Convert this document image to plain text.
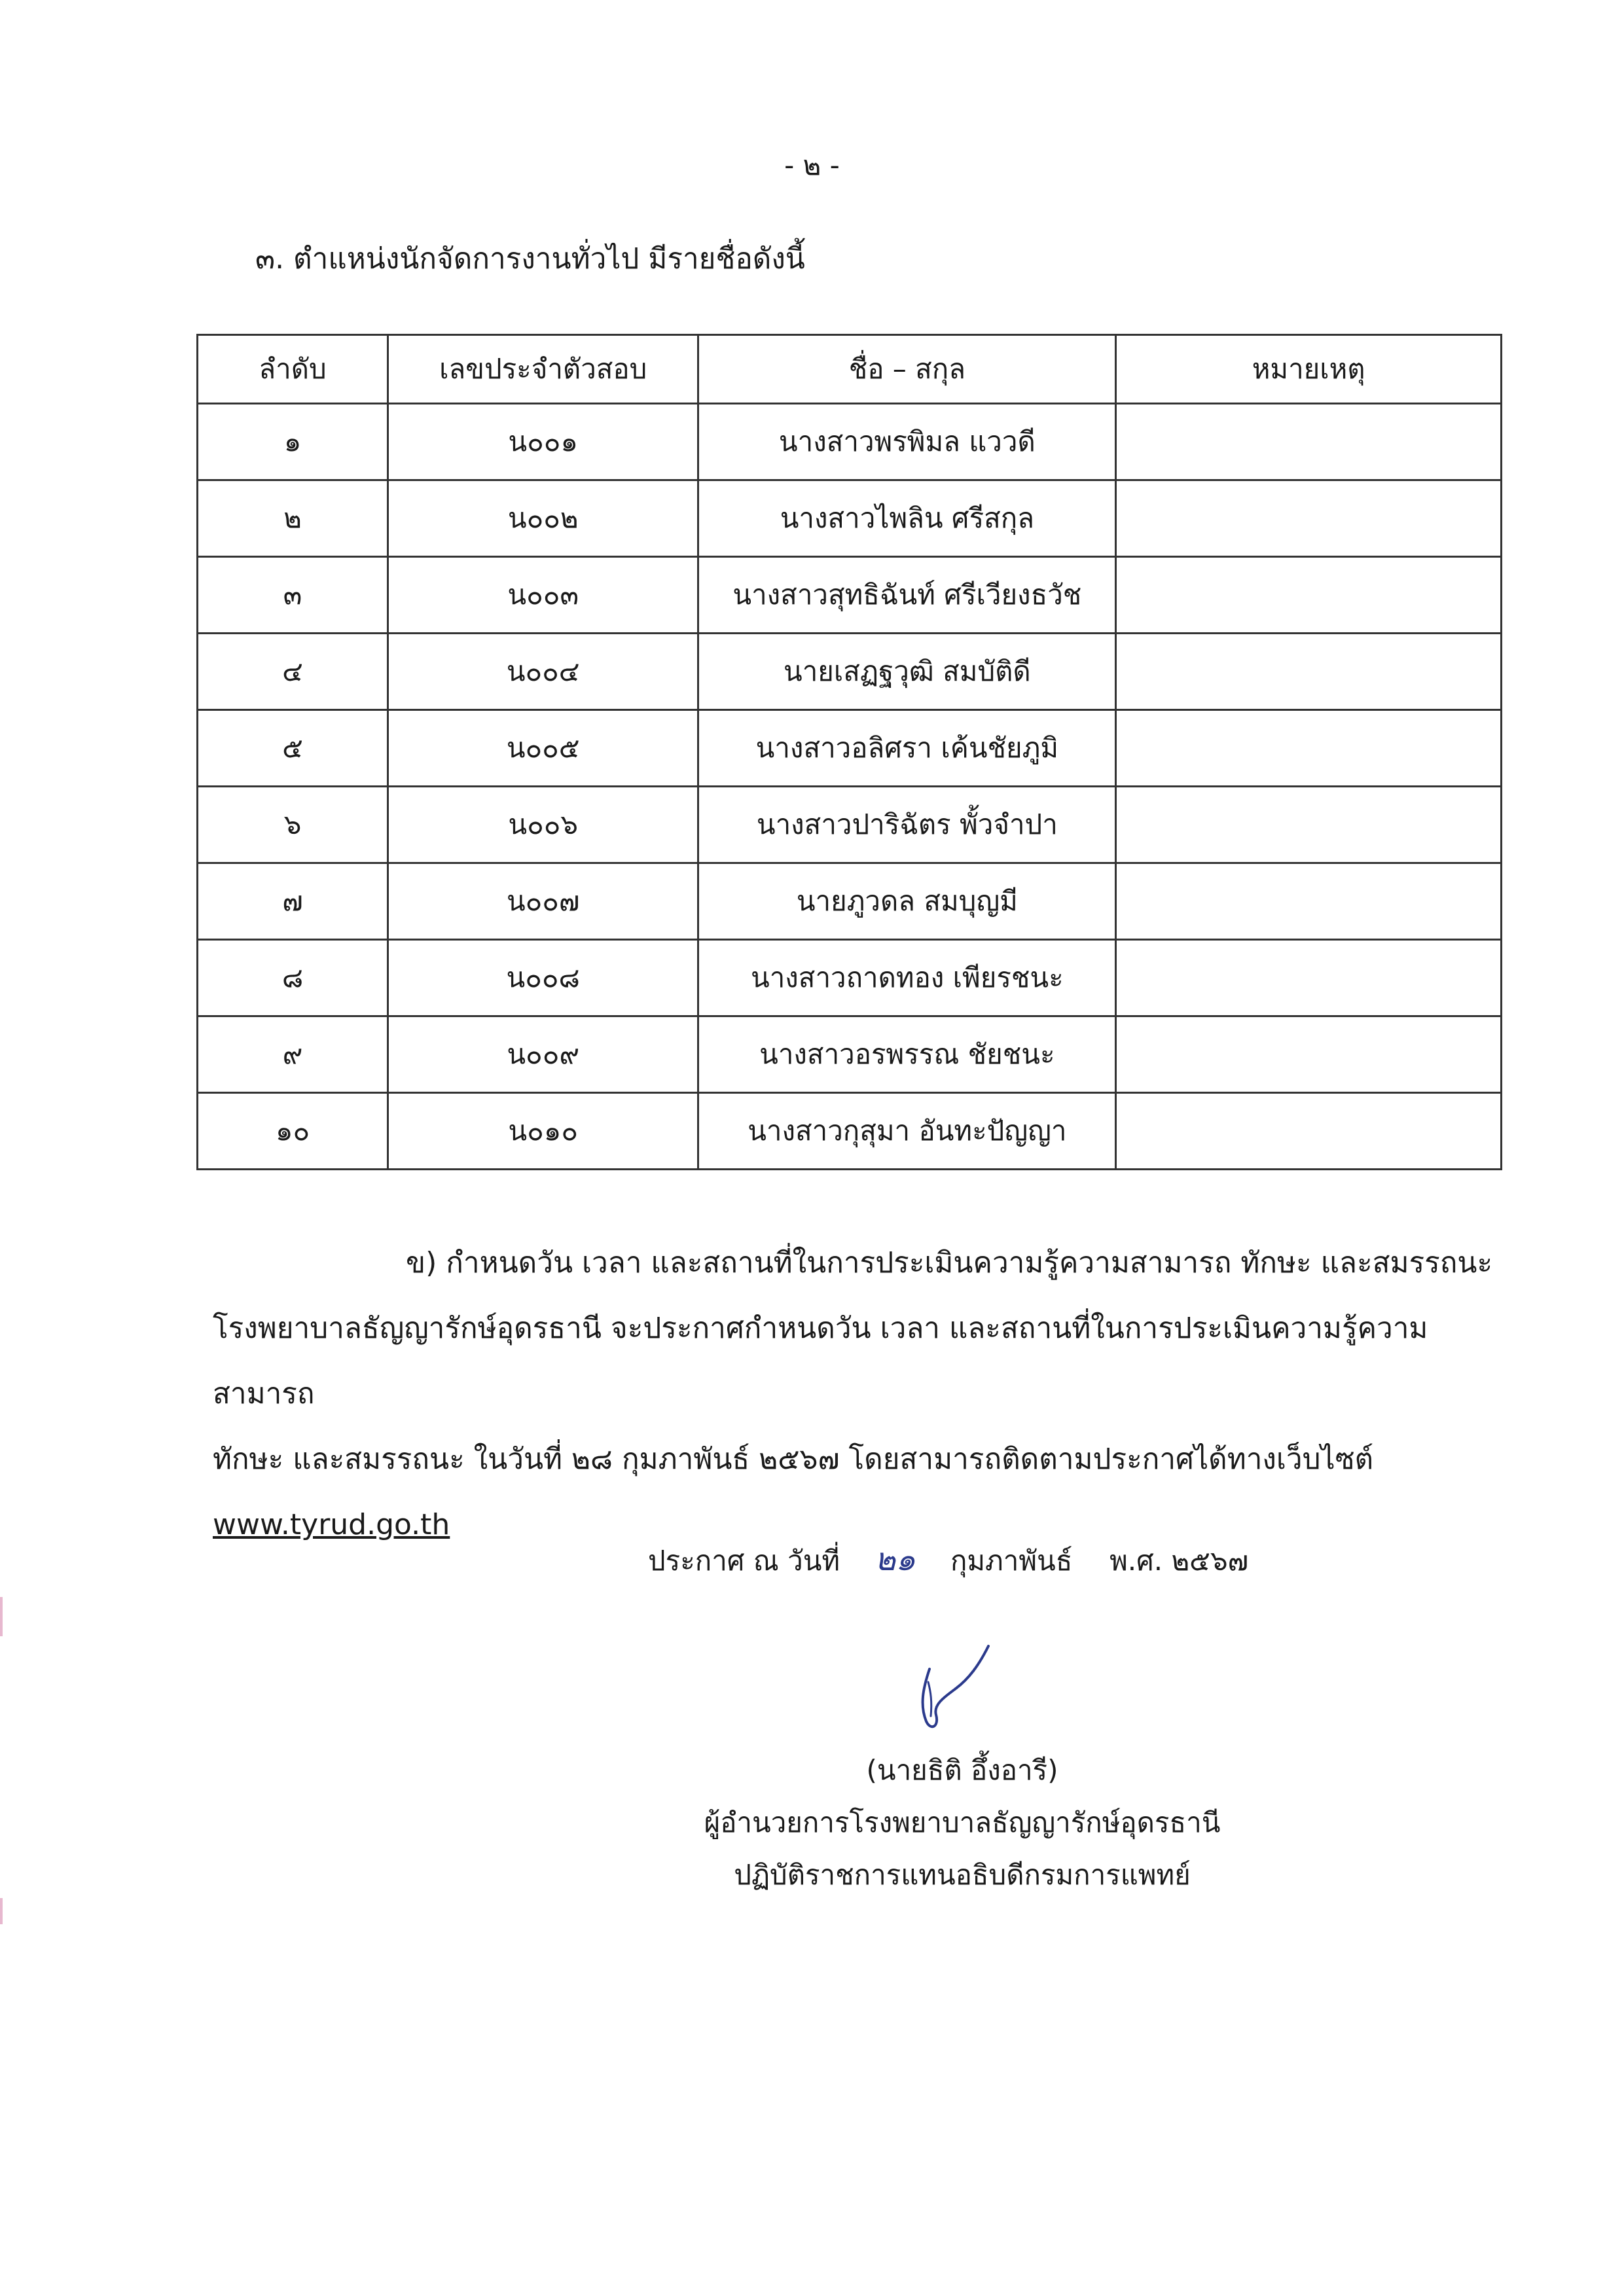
- ๒ -
๓. ตำแหน่งนักจัดการงานทั่วไป มีรายชื่อดังนี้
ลำดับ	เลขประจำตัวสอบ	ชื่อ – สกุล	หมายเหตุ
๑	น๐๐๑	นางสาวพรพิมล แววดี	
๒	น๐๐๒	นางสาวไพลิน ศรีสกุล	
๓	น๐๐๓	นางสาวสุทธิฉันท์ ศรีเวียงธวัช	
๔	น๐๐๔	นายเสฏฐวุฒิ สมบัติดี	
๕	น๐๐๕	นางสาวอลิศรา เค้นชัยภูมิ	
๖	น๐๐๖	นางสาวปาริฉัตร พั้วจำปา	
๗	น๐๐๗	นายภูวดล สมบุญมี	
๘	น๐๐๘	นางสาวถาดทอง เพียรชนะ	
๙	น๐๐๙	นางสาวอรพรรณ ชัยชนะ	
๑๐	น๐๑๐	นางสาวกุสุมา อันทะปัญญา	
ข) กำหนดวัน เวลา และสถานที่ในการประเมินความรู้ความสามารถ ทักษะ และสมรรถนะ
โรงพยาบาลธัญญารักษ์อุดรธานี จะประกาศกำหนดวัน เวลา และสถานที่ในการประเมินความรู้ความสามารถ
ทักษะ และสมรรถนะ ในวันที่ ๒๘ กุมภาพันธ์ ๒๕๖๗ โดยสามารถติดตามประกาศได้ทางเว็บไซต์
www.tyrud.go.th
ประกาศ ณ วันที่ ๒๑ กุมภาพันธ์ พ.ศ. ๒๕๖๗
(นายธิติ อึ้งอารี)
ผู้อำนวยการโรงพยาบาลธัญญารักษ์อุดรธานี
ปฏิบัติราชการแทนอธิบดีกรมการแพทย์
